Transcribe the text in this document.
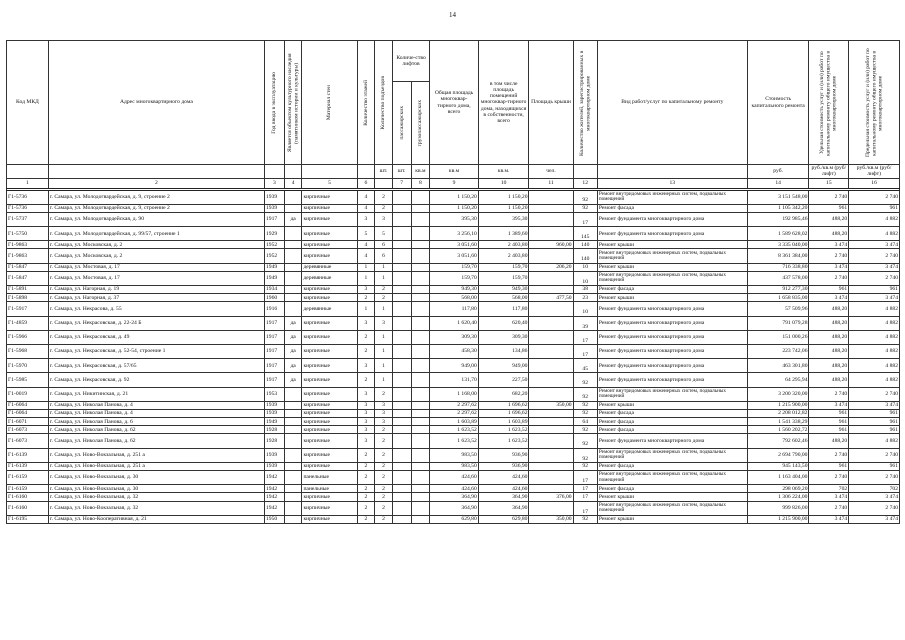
14
Код МКД	Адрес многоквартирного дома	Год ввода в эксплуатацию	Является объектом культурного наследия (памятником истории и культуры)	Материал стен	Количество этажей	Количество подъездов	Количе-ство лифтов		Общая площадь многоквар-тирного дома, всего	в том числе площадь помещений многоквар-тирного дома, находящихся в собственности, всего	Площадь крыши	Количество жителей, зарегистрированных в многоквартирном доме	Вид работ/услуг по капитальному ремонту	Стоимость капитального ремонта	Удельная стоимость услуг и (или) работ по капитальному ремонту общего имущества в многоквартирном доме	Предельная стоимость услуг и (или) работ по капитальному ремонту общего имущества в многоквартирном доме

							пассажирских	грузопассажирских								

						шт.	шт.	кв.м	кв.м	кв.м.	чел.			руб.	руб./кв.м (руб/лифт)	руб./кв.м (руб/лифт)
1	2	3	4	5	6		7	8	9	10	11	12	13	14	15	16

Г1-5736	г. Самара, ул. Молодогвардейская, д. 9, строение 2	1939		кирпичные	4	2			1 150,20	1 150,20		92	Ремонт внутридомовых инженерных систем, подвальных помещений	3 151 548,00	2 740	2 740
Г1-5736	г. Самара, ул. Молодогвардейская, д. 9, строение 2	1939		кирпичные	4	2			1 150,20	1 150,20		92	Ремонт фасада	1 105 342,20	961	961
Г1-5737	г. Самара, ул. Молодогвардейская, д. 90	1917	да	кирпичные	3	3			395,30	395,30		17	Ремонт фундамента многоквартирного дома	192 985,46	488,20	4 882
Г1-5750	г. Самара, ул. Молодогвардейская, д. 99/57, строение 1	1929		кирпичные	5	5			3 256,10	1 389,60		145	Ремонт фундамента многоквартирного дома	1 589 628,02	488,20	4 882
Г1-9863	г. Самара, ул. Московская, д. 2	1952		кирпичные	4	6			3 051,60	2 403,80	960,00	140	Ремонт крыши	3 335 040,00	3 474	3 474
Г1-9863	г. Самара, ул. Московская, д. 2	1952		кирпичные	4	6			3 051,60	2 403,80		140	Ремонт внутридомовых инженерных систем, подвальных помещений	8 361 384,00	2 740	2 740
Г1-5847	г. Самара, ул. Мостовая, д. 17	1949		деревянные	1	1			159,70	159,70	206,20	10	Ремонт крыши	716 338,80	3 474	3 474
Г1-5847	г. Самара, ул. Мостовая, д. 17	1949		деревянные	1	1			159,70	159,70		10	Ремонт внутридомовых инженерных систем, подвальных помещений	437 578,00	2 740	2 740
Г1-5891	г. Самара, ул. Нагорная, д. 19	1934		кирпичные	3	2			949,30	949,30		38	Ремонт фасада	912 277,30	961	961
Г1-5898	г. Самара, ул. Нагорная, д. 37	1960		кирпичные	2	2			568,00	568,00	477,50	23	Ремонт крыши	1 658 835,00	3 474	3 474
Г1-5917	г. Самара, ул. Некрасова, д. 55	1916		деревянные	1	1			117,80	117,80		10	Ремонт фундамента многоквартирного дома	57 509,96	488,20	4 882
Г1-4859	г. Самара, ул. Некрасовская, д. 22-24 Б	1917	да	кирпичные	3	3			1 620,40	620,40		39	Ремонт фундамента многоквартирного дома	791 079,28	488,20	4 882
Г1-5966	г. Самара, ул. Некрасовская, д. 49	1917	да	кирпичные	2	1			309,30	309,30		17	Ремонт фундамента многоквартирного дома	151 000,26	488,20	4 882
Г1-5968	г. Самара, ул. Некрасовская, д. 52-54, строение 1	1917	да	кирпичные	2	1			458,30	134,86		17	Ремонт фундамента многоквартирного дома	223 742,06	488,20	4 882
Г1-5970	г. Самара, ул. Некрасовская, д. 57/65	1917	да	кирпичные	3	1			949,00	949,00		45	Ремонт фундамента многоквартирного дома	463 301,80	488,20	4 882
Г1-5985	г. Самара, ул. Некрасовская, д. 92	1917	да	кирпичные	2	1			131,70	227,50		92	Ремонт фундамента многоквартирного дома	64 295,94	488,20	4 882
Г1-0019	г. Самара, ул. Никитинская, д. 21	1953		кирпичные	3	2			1 168,00	682,20		92	Ремонт внутридомовых инженерных систем, подвальных помещений	3 200 320,00	2 740	2 740
Г1-6064	г. Самара, ул. Николая Панова, д. 4	1939		кирпичные	3	3			2 297,62	1 696,62	350,00	92	Ремонт крыши	1 215 900,00	3 474	3 474
Г1-6064	г. Самара, ул. Николая Панова, д. 4	1939		кирпичные	3	3			2 297,62	1 696,62		92	Ремонт фасада	2 208 012,82	961	961
Г1-6071	г. Самара, ул. Николая Панова, д. 6	1949		кирпичные	3	3			1 603,89	1 603,89		64	Ремонт фасада	1 541 338,29	961	961
Г1-6073	г. Самара, ул. Николая Панова, д. 62	1928		кирпичные	3	2			1 623,52	1 623,52		92	Ремонт фасада	1 560 202,72	961	961
Г1-6073	г. Самара, ул. Николая Панова, д. 62	1928		кирпичные	3	2			1 623,52	1 623,52		92	Ремонт фундамента многоквартирного дома	792 602,46	488,20	4 882
Г1-6139	г. Самара, ул. Ново-Вокзальная, д. 251 а	1939		кирпичные	2	2			983,50	936,90		92	Ремонт внутридомовых инженерных систем, подвальных помещений	2 694 790,00	2 740	2 740
Г1-6139	г. Самара, ул. Ново-Вокзальная, д. 251 а	1939		кирпичные	2	2			983,50	936,90		92	Ремонт фасада	945 143,50	961	961
Г1-6159	г. Самара, ул. Ново-Вокзальная, д. 30	1942		панельные	2	2			424,60	424,60		17	Ремонт внутридомовых инженерных систем, подвальных помещений	1 163 404,00	2 740	2 740
Г1-6159	г. Самара, ул. Ново-Вокзальная, д. 30	1942		панельные	2	2			424,60	424,60		17	Ремонт фасада	298 069,20	702	702
Г1-6160	г. Самара, ул. Ново-Вокзальная, д. 32	1942		кирпичные	2	2			364,90	364,90	376,00	17	Ремонт крыши	1 306 224,00	3 474	3 474
Г1-6160	г. Самара, ул. Ново-Вокзальная, д. 32	1942		кирпичные	2	2			364,90	364,90		17	Ремонт внутридомовых инженерных систем, подвальных помещений	999 826,00	2 740	2 740
Г1-6195	г. Самара, ул. Ново-Кооперативная, д. 21	1950		кирпичные	2	2			629,80	629,80	350,00	92	Ремонт крыши	1 215 900,00	3 474	3 474
